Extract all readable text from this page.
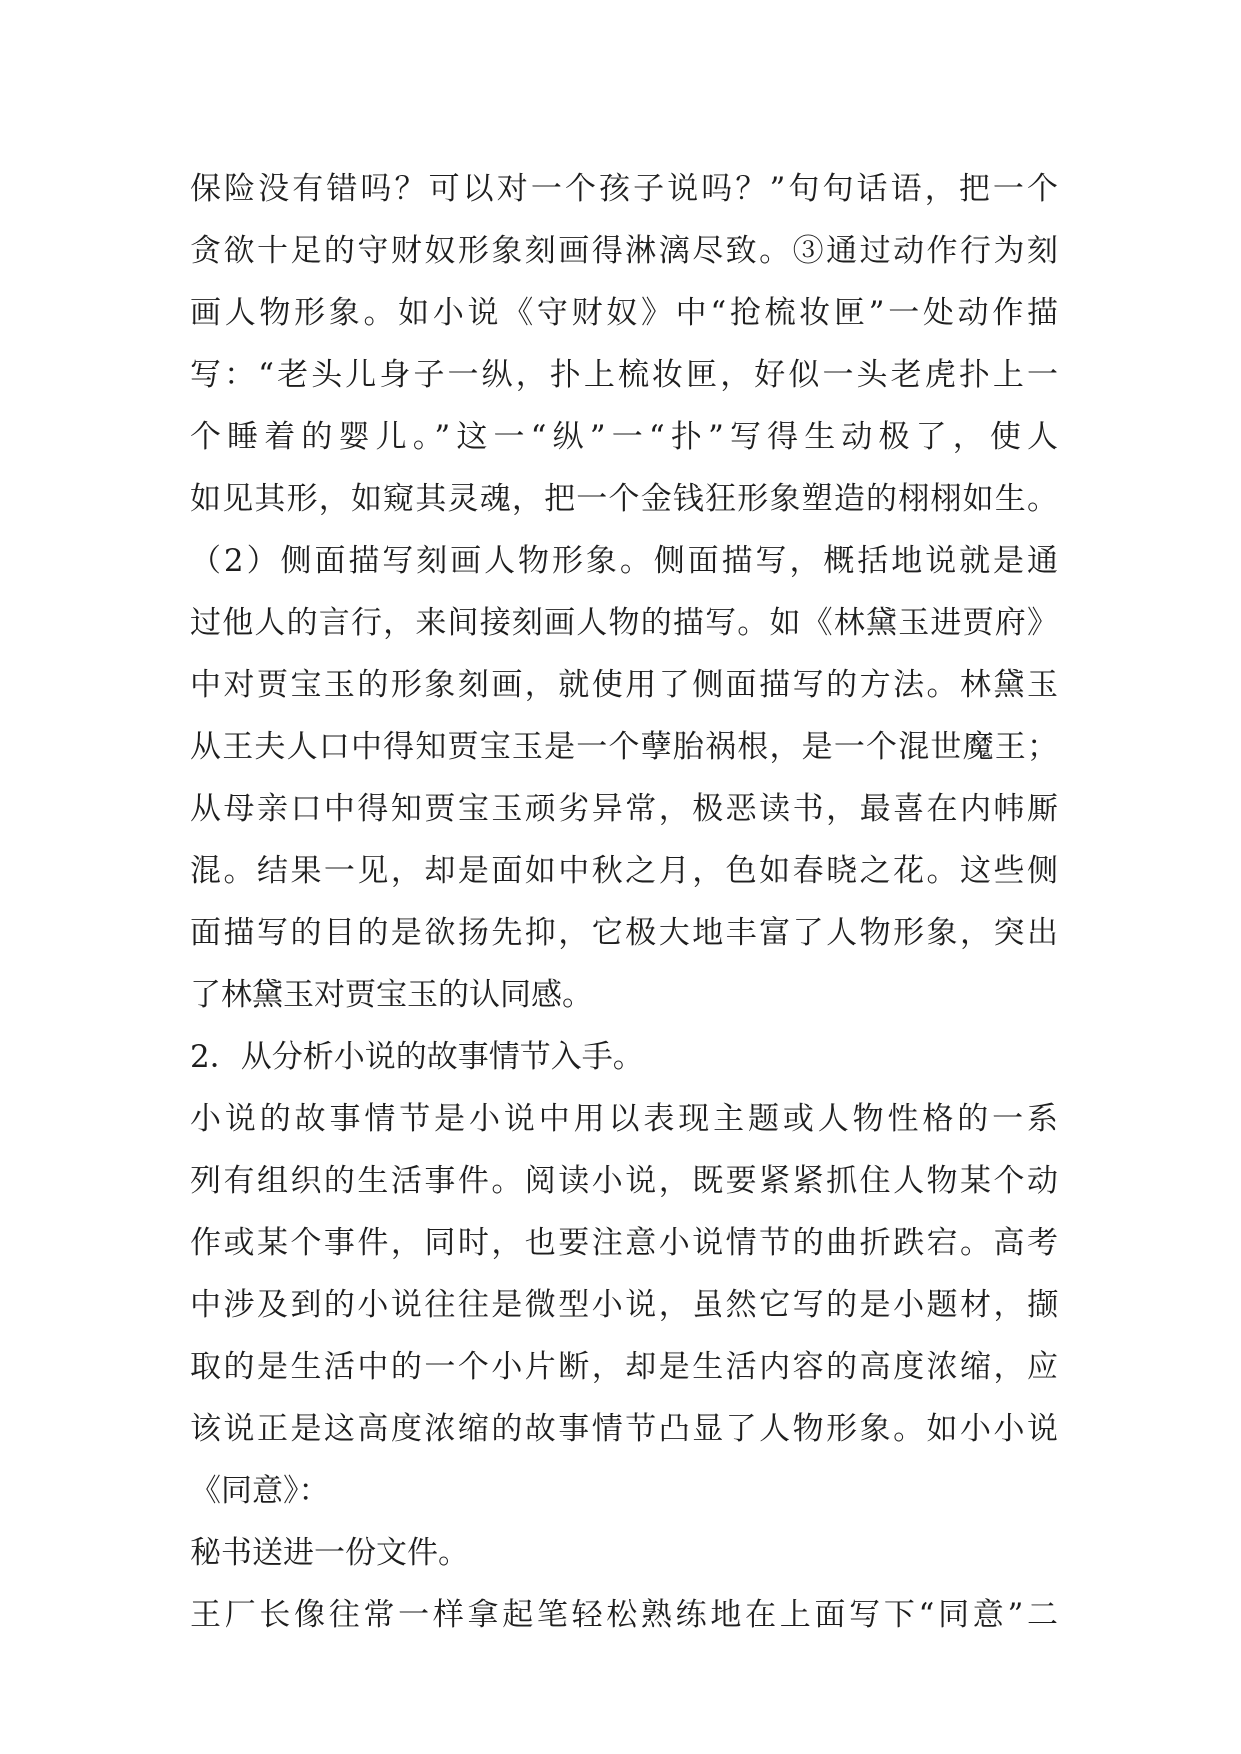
保险没有错吗？可以对一个孩子说吗？”句句话语，把一个
贪欲十足的守财奴形象刻画得淋漓尽致。③通过动作行为刻
画人物形象。如小说《守财奴》中“抢梳妆匣”一处动作描
写：“老头儿身子一纵，扑上梳妆匣，好似一头老虎扑上一
个睡着的婴儿。”这一“纵”一“扑”写得生动极了，使人
如见其形，如窥其灵魂，把一个金钱狂形象塑造的栩栩如生。
（2）侧面描写刻画人物形象。侧面描写，概括地说就是通
过他人的言行，来间接刻画人物的描写。如《林黛玉进贾府》
中对贾宝玉的形象刻画，就使用了侧面描写的方法。林黛玉
从王夫人口中得知贾宝玉是一个孽胎祸根，是一个混世魔王；
从母亲口中得知贾宝玉顽劣异常，极恶读书，最喜在内帏厮
混。结果一见，却是面如中秋之月，色如春晓之花。这些侧
面描写的目的是欲扬先抑，它极大地丰富了人物形象，突出
了林黛玉对贾宝玉的认同感。
2．从分析小说的故事情节入手。
小说的故事情节是小说中用以表现主题或人物性格的一系
列有组织的生活事件。阅读小说，既要紧紧抓住人物某个动
作或某个事件，同时，也要注意小说情节的曲折跌宕。高考
中涉及到的小说往往是微型小说，虽然它写的是小题材，撷
取的是生活中的一个小片断，却是生活内容的高度浓缩，应
该说正是这高度浓缩的故事情节凸显了人物形象。如小小说
《同意》：
秘书送进一份文件。
王厂长像往常一样拿起笔轻松熟练地在上面写下“同意”二
